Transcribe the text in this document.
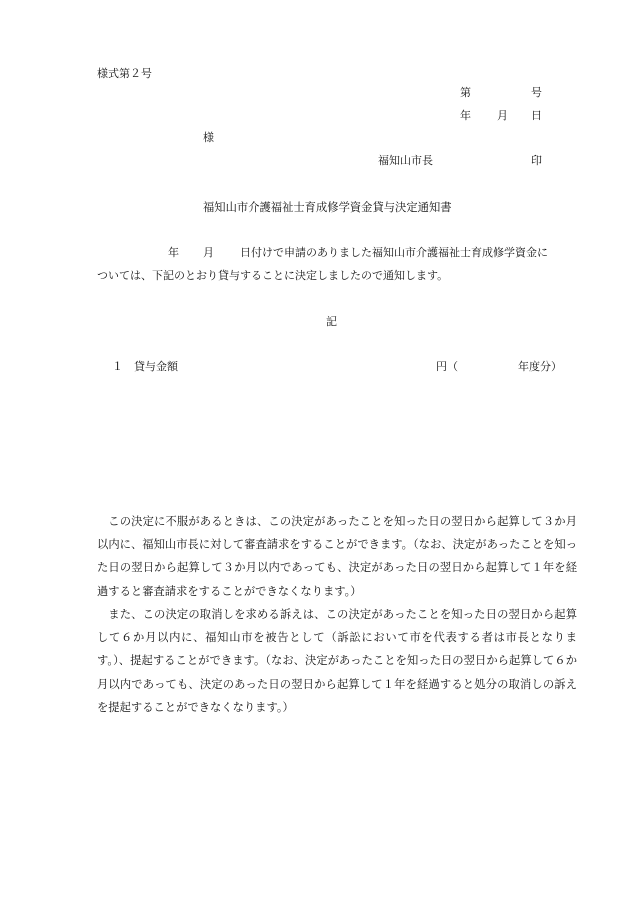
様式第２号
第	号
年 月 日
様
福知山市長	印
福知山市介護福祉士育成修学資金貸与決定通知書
年 月 日付けで申請のありました福知山市介護福祉士育成修学資金に
ついては、下記のとおり貸与することに決定しましたので通知します。
記
１ 貸与金額	円（	年度分）

この決定に不服があるときは、この決定があったことを知った日の翌日から起算して３か月以内に、福知山市長に対して審査請求をすることができます。（なお、決定があったことを知った日の翌日から起算して３か月以内であっても、決定があった日の翌日から起算して１年を経過すると審査請求をすることができなくなります。）

また、この決定の取消しを求める訴えは、この決定があったことを知った日の翌日から起算して６か月以内に、福知山市を被告として（訴訟において市を代表する者は市長となります。）、提起することができます。（なお、決定があったことを知った日の翌日から起算して６か月以内であっても、決定のあった日の翌日から起算して１年を経過すると処分の取消しの訴えを提起することができなくなります。）
